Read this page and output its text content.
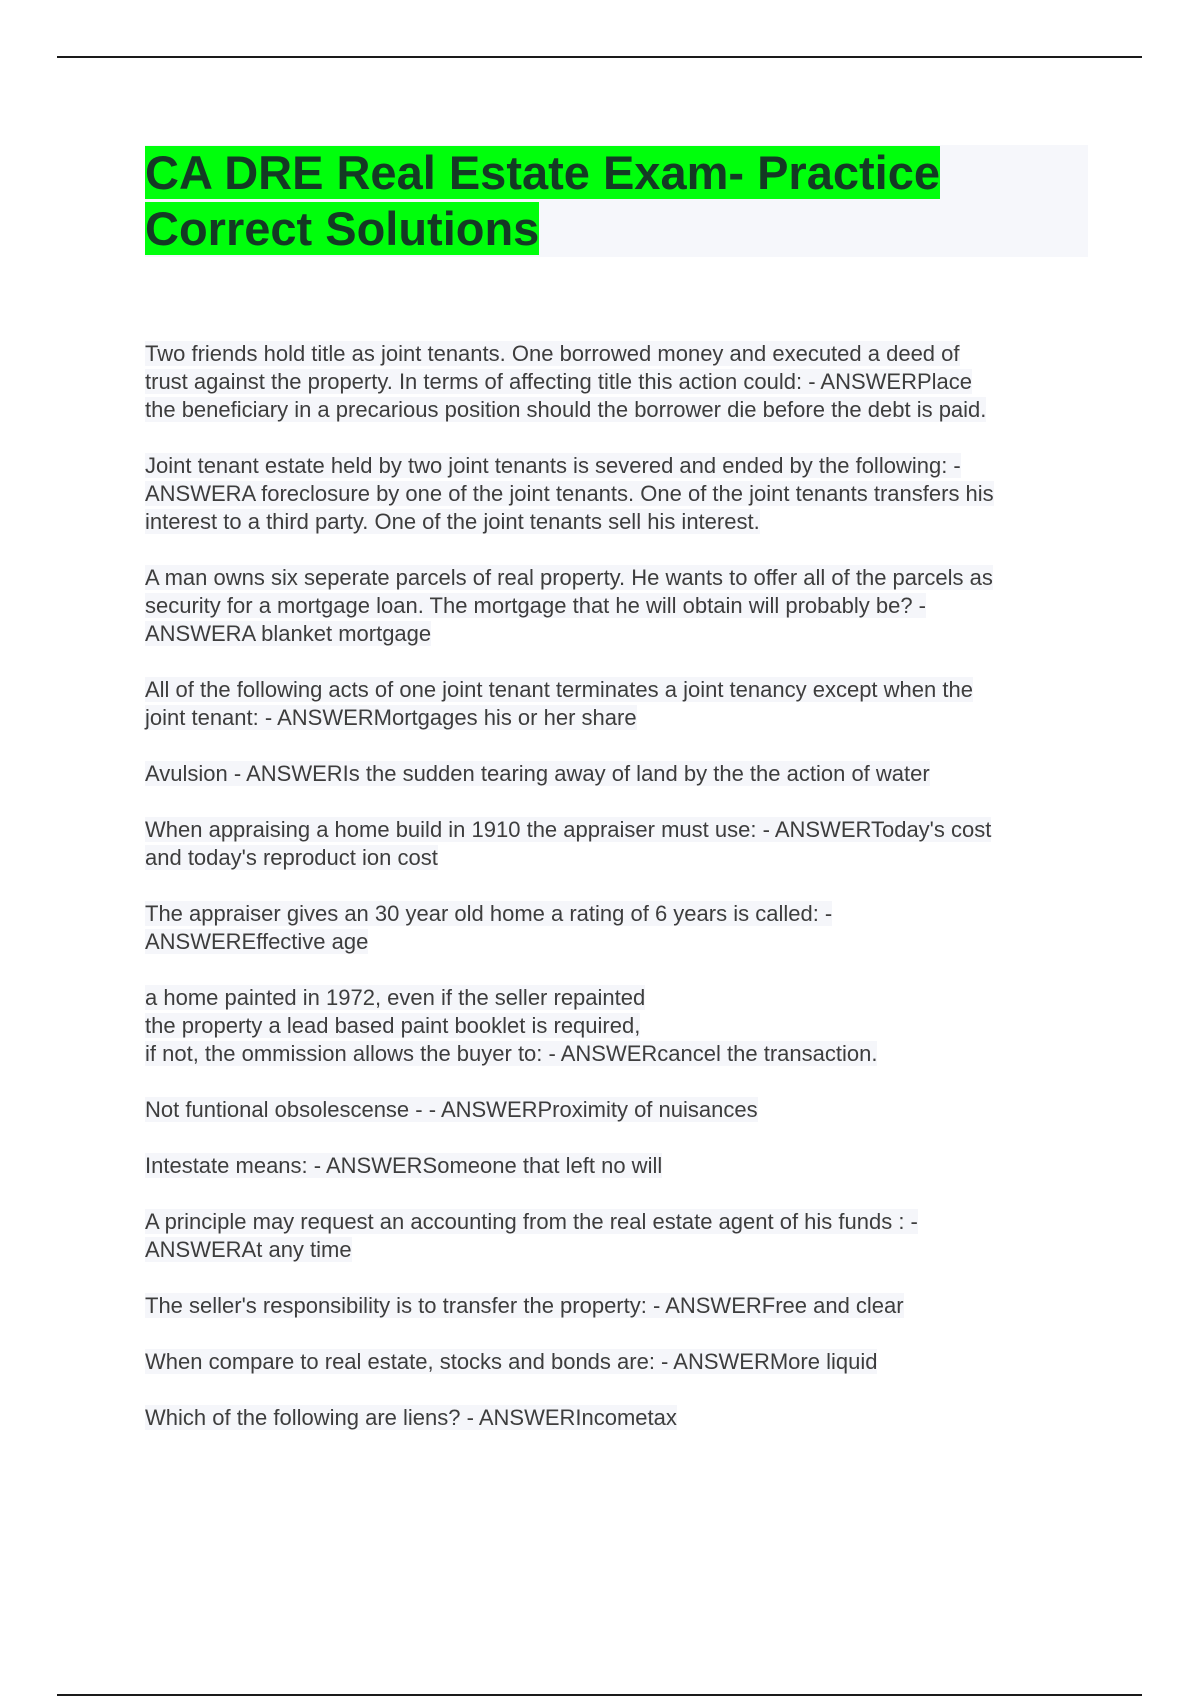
CA DRE Real Estate Exam- Practice
Correct Solutions

Two friends hold title as joint tenants. One borrowed money and executed a deed of
trust against the property. In terms of affecting title this action could: - ANSWERPlace
the beneficiary in a precarious position should the borrower die before the debt is paid.

Joint tenant estate held by two joint tenants is severed and ended by the following: -
ANSWERA foreclosure by one of the joint tenants. One of the joint tenants transfers his
interest to a third party. One of the joint tenants sell his interest.

A man owns six seperate parcels of real property. He wants to offer all of the parcels as
security for a mortgage loan. The mortgage that he will obtain will probably be? -
ANSWERA blanket mortgage

All of the following acts of one joint tenant terminates a joint tenancy except when the
joint tenant: - ANSWERMortgages his or her share

Avulsion - ANSWERIs the sudden tearing away of land by the the action of water

When appraising a home build in 1910 the appraiser must use: - ANSWERToday's cost
and today's reproduct ion cost

The appraiser gives an 30 year old home a rating of 6 years is called: -
ANSWEREffective age

a home painted in 1972, even if the seller repainted
the property a lead based paint booklet is required,
if not, the ommission allows the buyer to: - ANSWERcancel the transaction.

Not funtional obsolescense - - ANSWERProximity of nuisances

Intestate means: - ANSWERSomeone that left no will

A principle may request an accounting from the real estate agent of his funds : -
ANSWERAt any time

The seller's responsibility is to transfer the property: - ANSWERFree and clear

When compare to real estate, stocks and bonds are: - ANSWERMore liquid

Which of the following are liens? - ANSWERIncometax
